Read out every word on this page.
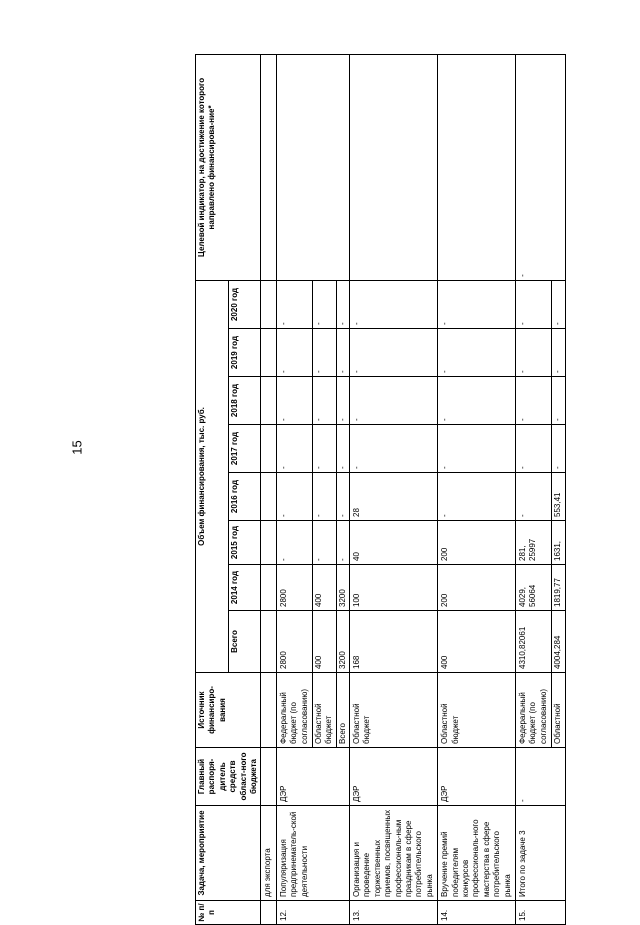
15
№ п/п	Задача, мероприятие	Главный распоря-дитель средств област-ного бюджета	Источник финансиро-вания	Объем финансирования, тыс. руб.								Целевой индикатор, на достижение которого направлено финансирова-ние*
				Всего	2014 год	2015 год	2016 год	2017 год	2018 год	2019 год	2020 год	
	для экспорта											
12.	Популяризация предпринематель-ской деятельности	ДЭР	Федеральный бюджет (по согласованию)	2800	2800	-	-	-	-	-	-	
			Областной бюджет	400	400	-	-	-	-	-	-	
			Всего	3200	3200	-	-	-	-	-	-	
13.	Организация и проведение торжественных приемов, посвященных профессиональ-ным праздникам в сфере потребительского рынка	ДЭР	Областной бюджет	168	100	40	28	-	-	-	-	
14.	Вручение премий победителям конкурсов профессиональ-ного мастерства в сфере потребительского рынка	ДЭР	Областной бюджет	400	200	200	-	-	-	-	-	
15.	Итого по задаче 3	-	Федеральный бюджет (по согласованию)	4310,82061	4029, 56064	281, 25997	-	-	-	-	-	-
			Областной	4004,284	1819,77	1631,	553,41	-	-	-	-	
